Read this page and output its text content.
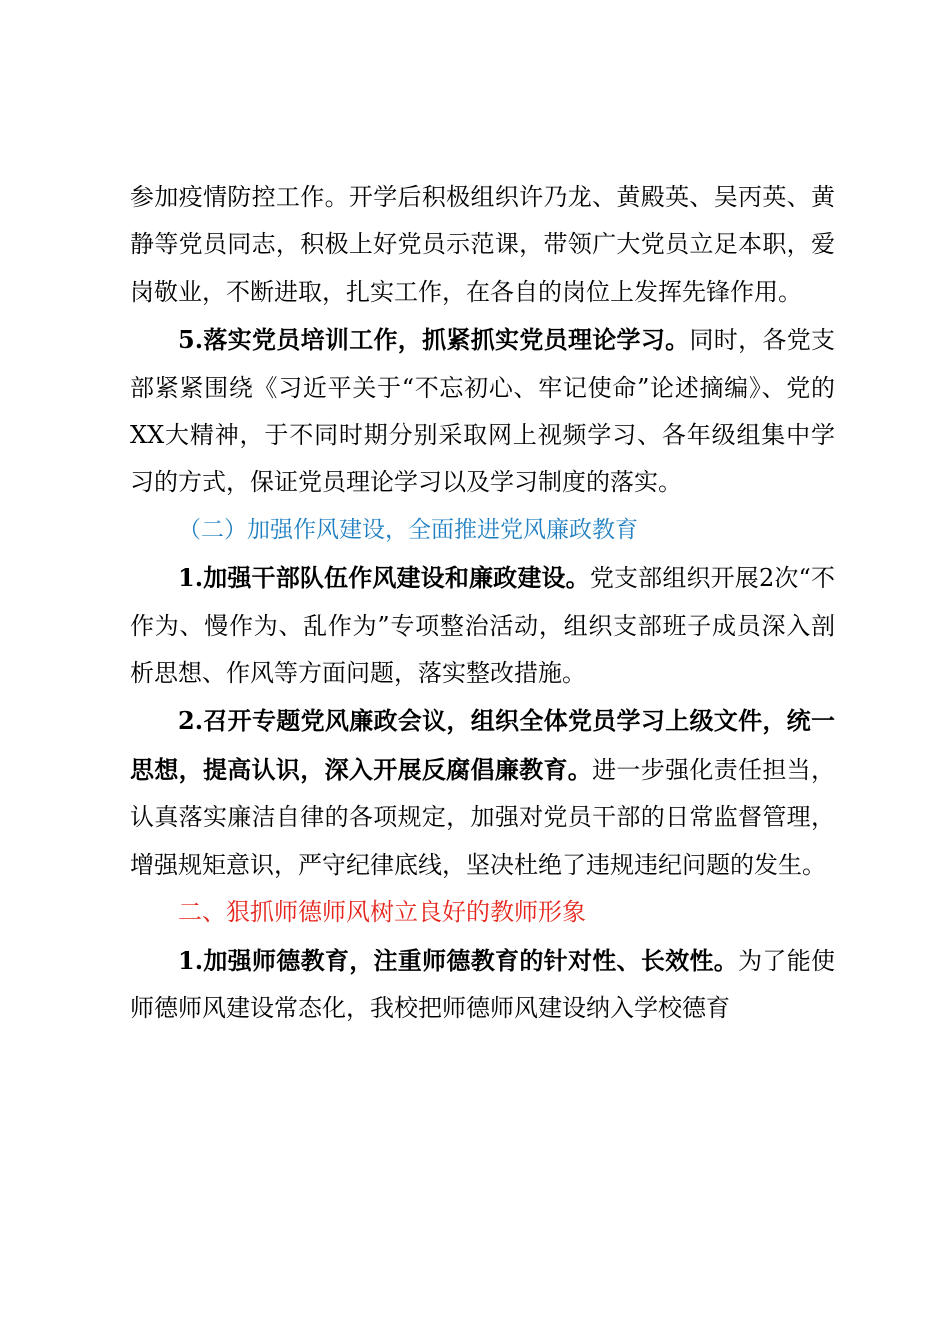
参加疫情防控工作。开学后积极组织许乃龙、黄殿英、吴丙英、黄静等党员同志，积极上好党员示范课，带领广大党员立足本职，爱岗敬业，不断进取，扎实工作，在各自的岗位上发挥先锋作用。

5.落实党员培训工作，抓紧抓实党员理论学习。同时，各党支部紧紧围绕《习近平关于“不忘初心、牢记使命”论述摘编》、党的XX大精神，于不同时期分别采取网上视频学习、各年级组集中学习的方式，保证党员理论学习以及学习制度的落实。

（二）加强作风建设，全面推进党风廉政教育

1.加强干部队伍作风建设和廉政建设。党支部组织开展2次“不作为、慢作为、乱作为”专项整治活动，组织支部班子成员深入剖析思想、作风等方面问题，落实整改措施。

2.召开专题党风廉政会议，组织全体党员学习上级文件，统一思想，提高认识，深入开展反腐倡廉教育。进一步强化责任担当，认真落实廉洁自律的各项规定，加强对党员干部的日常监督管理，增强规矩意识，严守纪律底线，坚决杜绝了违规违纪问题的发生。

二、狠抓师德师风树立良好的教师形象

1.加强师德教育，注重师德教育的针对性、长效性。为了能使师德师风建设常态化，我校把师德师风建设纳入学校德育
